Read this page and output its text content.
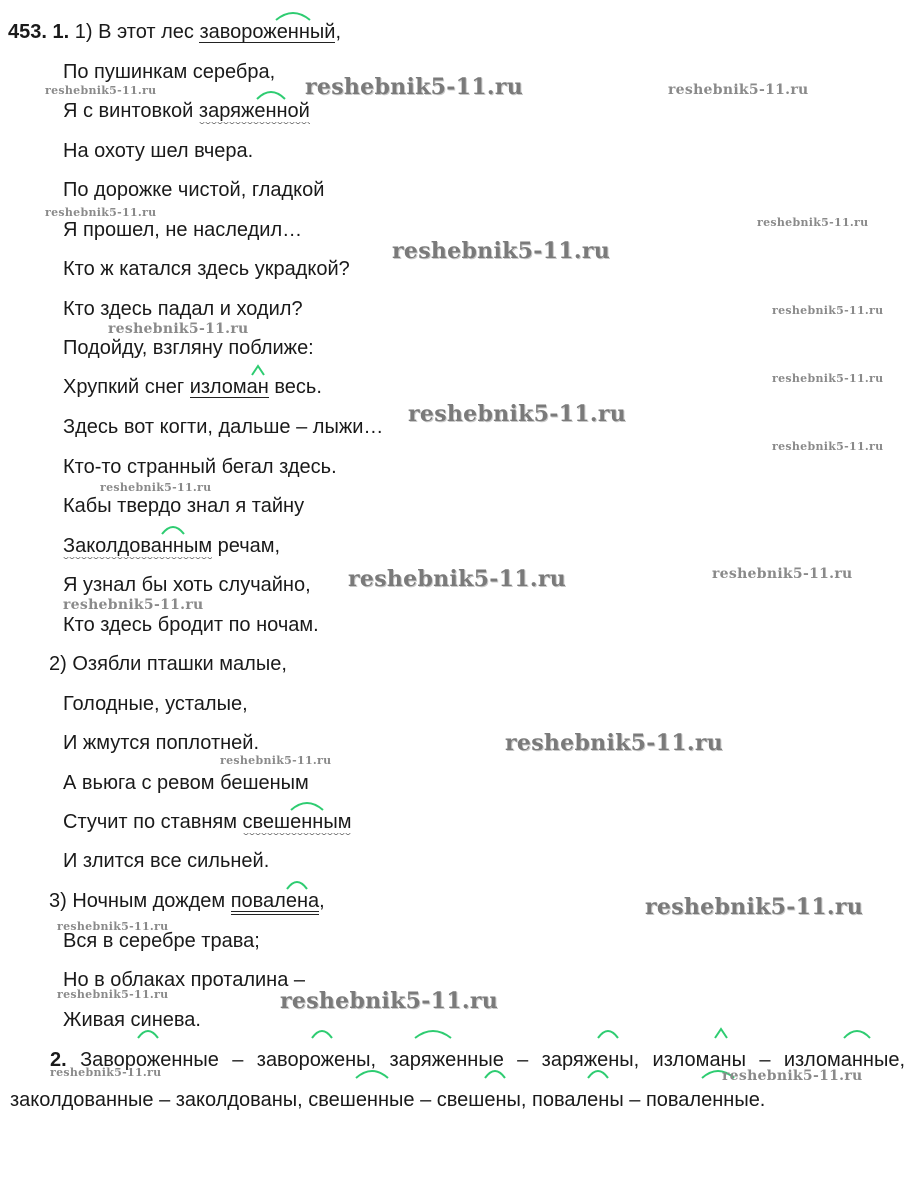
453. 1. 1) В этот лес заворож
енный,
По пушинкам серебра,
Я с винтовкой заряж
енной
На охоту шел вчера.
По дорожке чистой, гладкой
Я прошел, не наследил…
Кто ж катался здесь украдкой?
Кто здесь падал и ходил?
Подойду, взгляну поближе:
Хрупкий снег излом
ан весь.
Здесь вот когти, дальше – лыжи…
Кто-то странный бегал здесь.
Кабы твердо знал я тайну
Заколдова
нным речам,
Я узнал бы хоть случайно,
Кто здесь бродит по ночам.
2) Озябли пташки малые,
Голодные, усталые,
И жмутся поплотней.
А вьюга с ревом бешеным
Стучит по ставням свеш
енным
И злится все сильней.
3) Ночным дождем повал
ена,
Вся в серебре трава;
Но в облаках проталина –
Живая синева.
2. Завор
оженные – завор
ожены, зар
яженные – заряж
ены, излом
аны – излом
анные, заколдованные – заколдованы, свеш
енные – свеш
ены, повал
ены – повал
енные.
reshebnik5-11.ru	reshebnik5-11.ru
reshebnik5-11.ru
reshebnik5-11.ru
reshebnik5-11.ru
reshebnik5-11.ru
reshebnik5-11.ru
reshebnik5-11.ru
reshebnik5-11.ru
reshebnik5-11.ru
reshebnik5-11.ru
reshebnik5-11.ru
reshebnik5-11.ru	reshebnik5-11.ru
reshebnik5-11.ru
reshebnik5-11.ru
reshebnik5-11.ru
reshebnik5-11.ru
reshebnik5-11.ru
reshebnik5-11.ru	reshebnik5-11.ru
reshebnik5-11.ru	reshebnik5-11.ru
